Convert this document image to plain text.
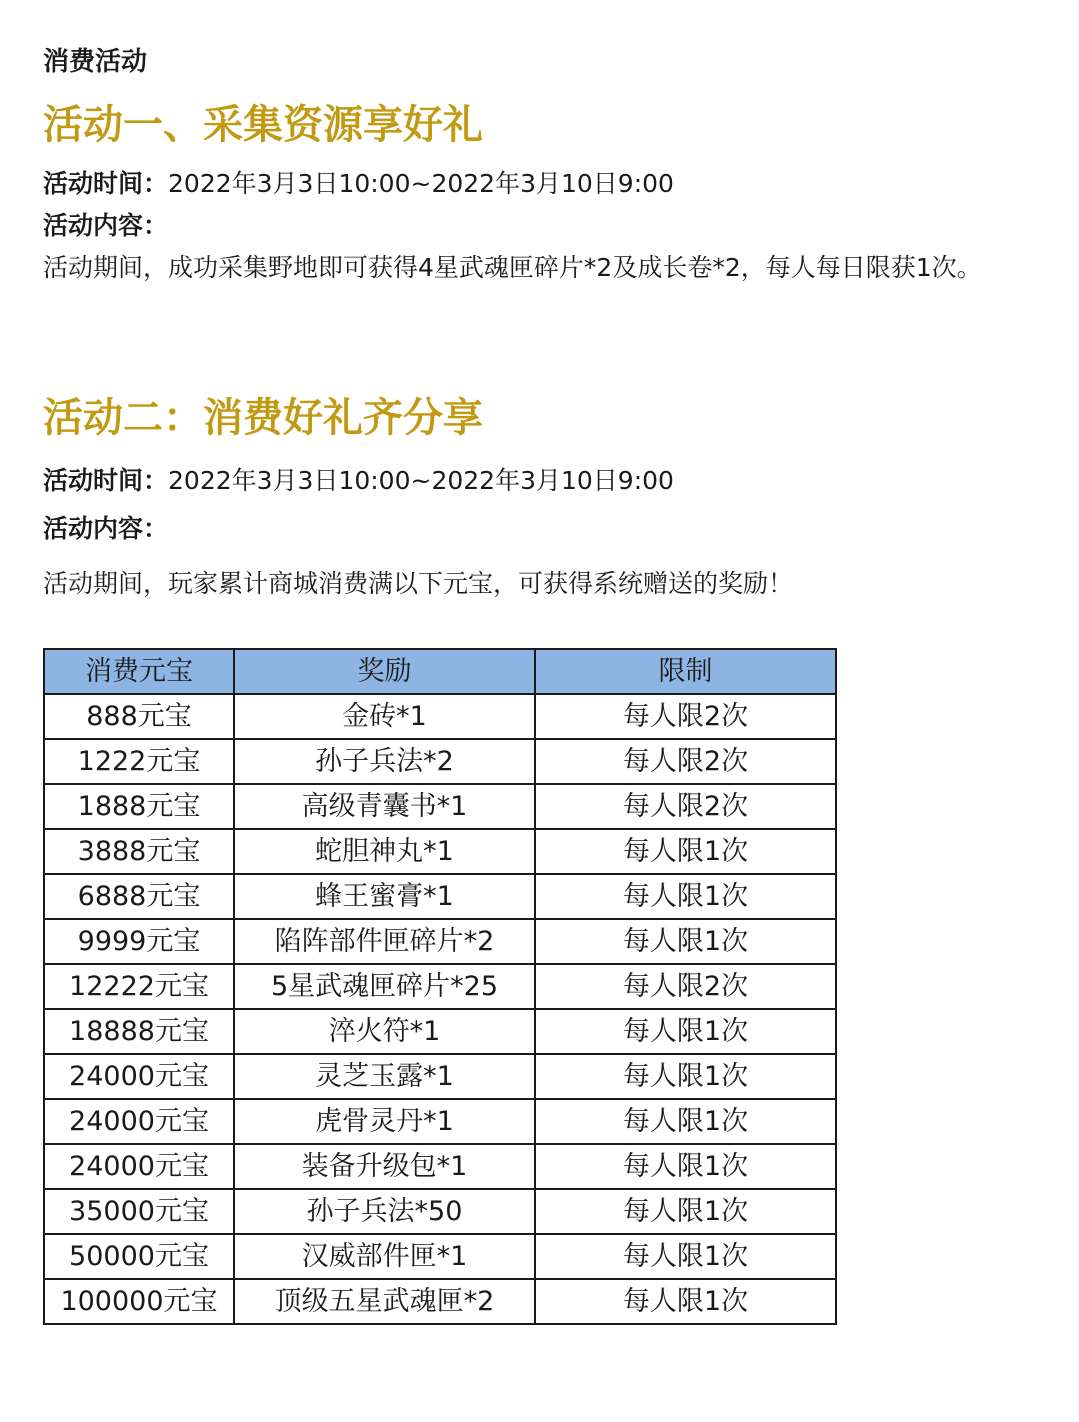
消费活动
活动一、采集资源享好礼
活动时间：2022年3月3日10:00~2022年3月10日9:00
活动内容：
活动期间，成功采集野地即可获得4星武魂匣碎片*2及成长卷*2，每人每日限获1次。
活动二：消费好礼齐分享
活动时间：2022年3月3日10:00~2022年3月10日9:00
活动内容：
活动期间，玩家累计商城消费满以下元宝，可获得系统赠送的奖励！
消费元宝	奖励	限制
888元宝	金砖*1	每人限2次
1222元宝	孙子兵法*2	每人限2次
1888元宝	高级青囊书*1	每人限2次
3888元宝	蛇胆神丸*1	每人限1次
6888元宝	蜂王蜜膏*1	每人限1次
9999元宝	陷阵部件匣碎片*2	每人限1次
12222元宝	5星武魂匣碎片*25	每人限2次
18888元宝	淬火符*1	每人限1次
24000元宝	灵芝玉露*1	每人限1次
24000元宝	虎骨灵丹*1	每人限1次
24000元宝	装备升级包*1	每人限1次
35000元宝	孙子兵法*50	每人限1次
50000元宝	汉威部件匣*1	每人限1次
100000元宝	顶级五星武魂匣*2	每人限1次
